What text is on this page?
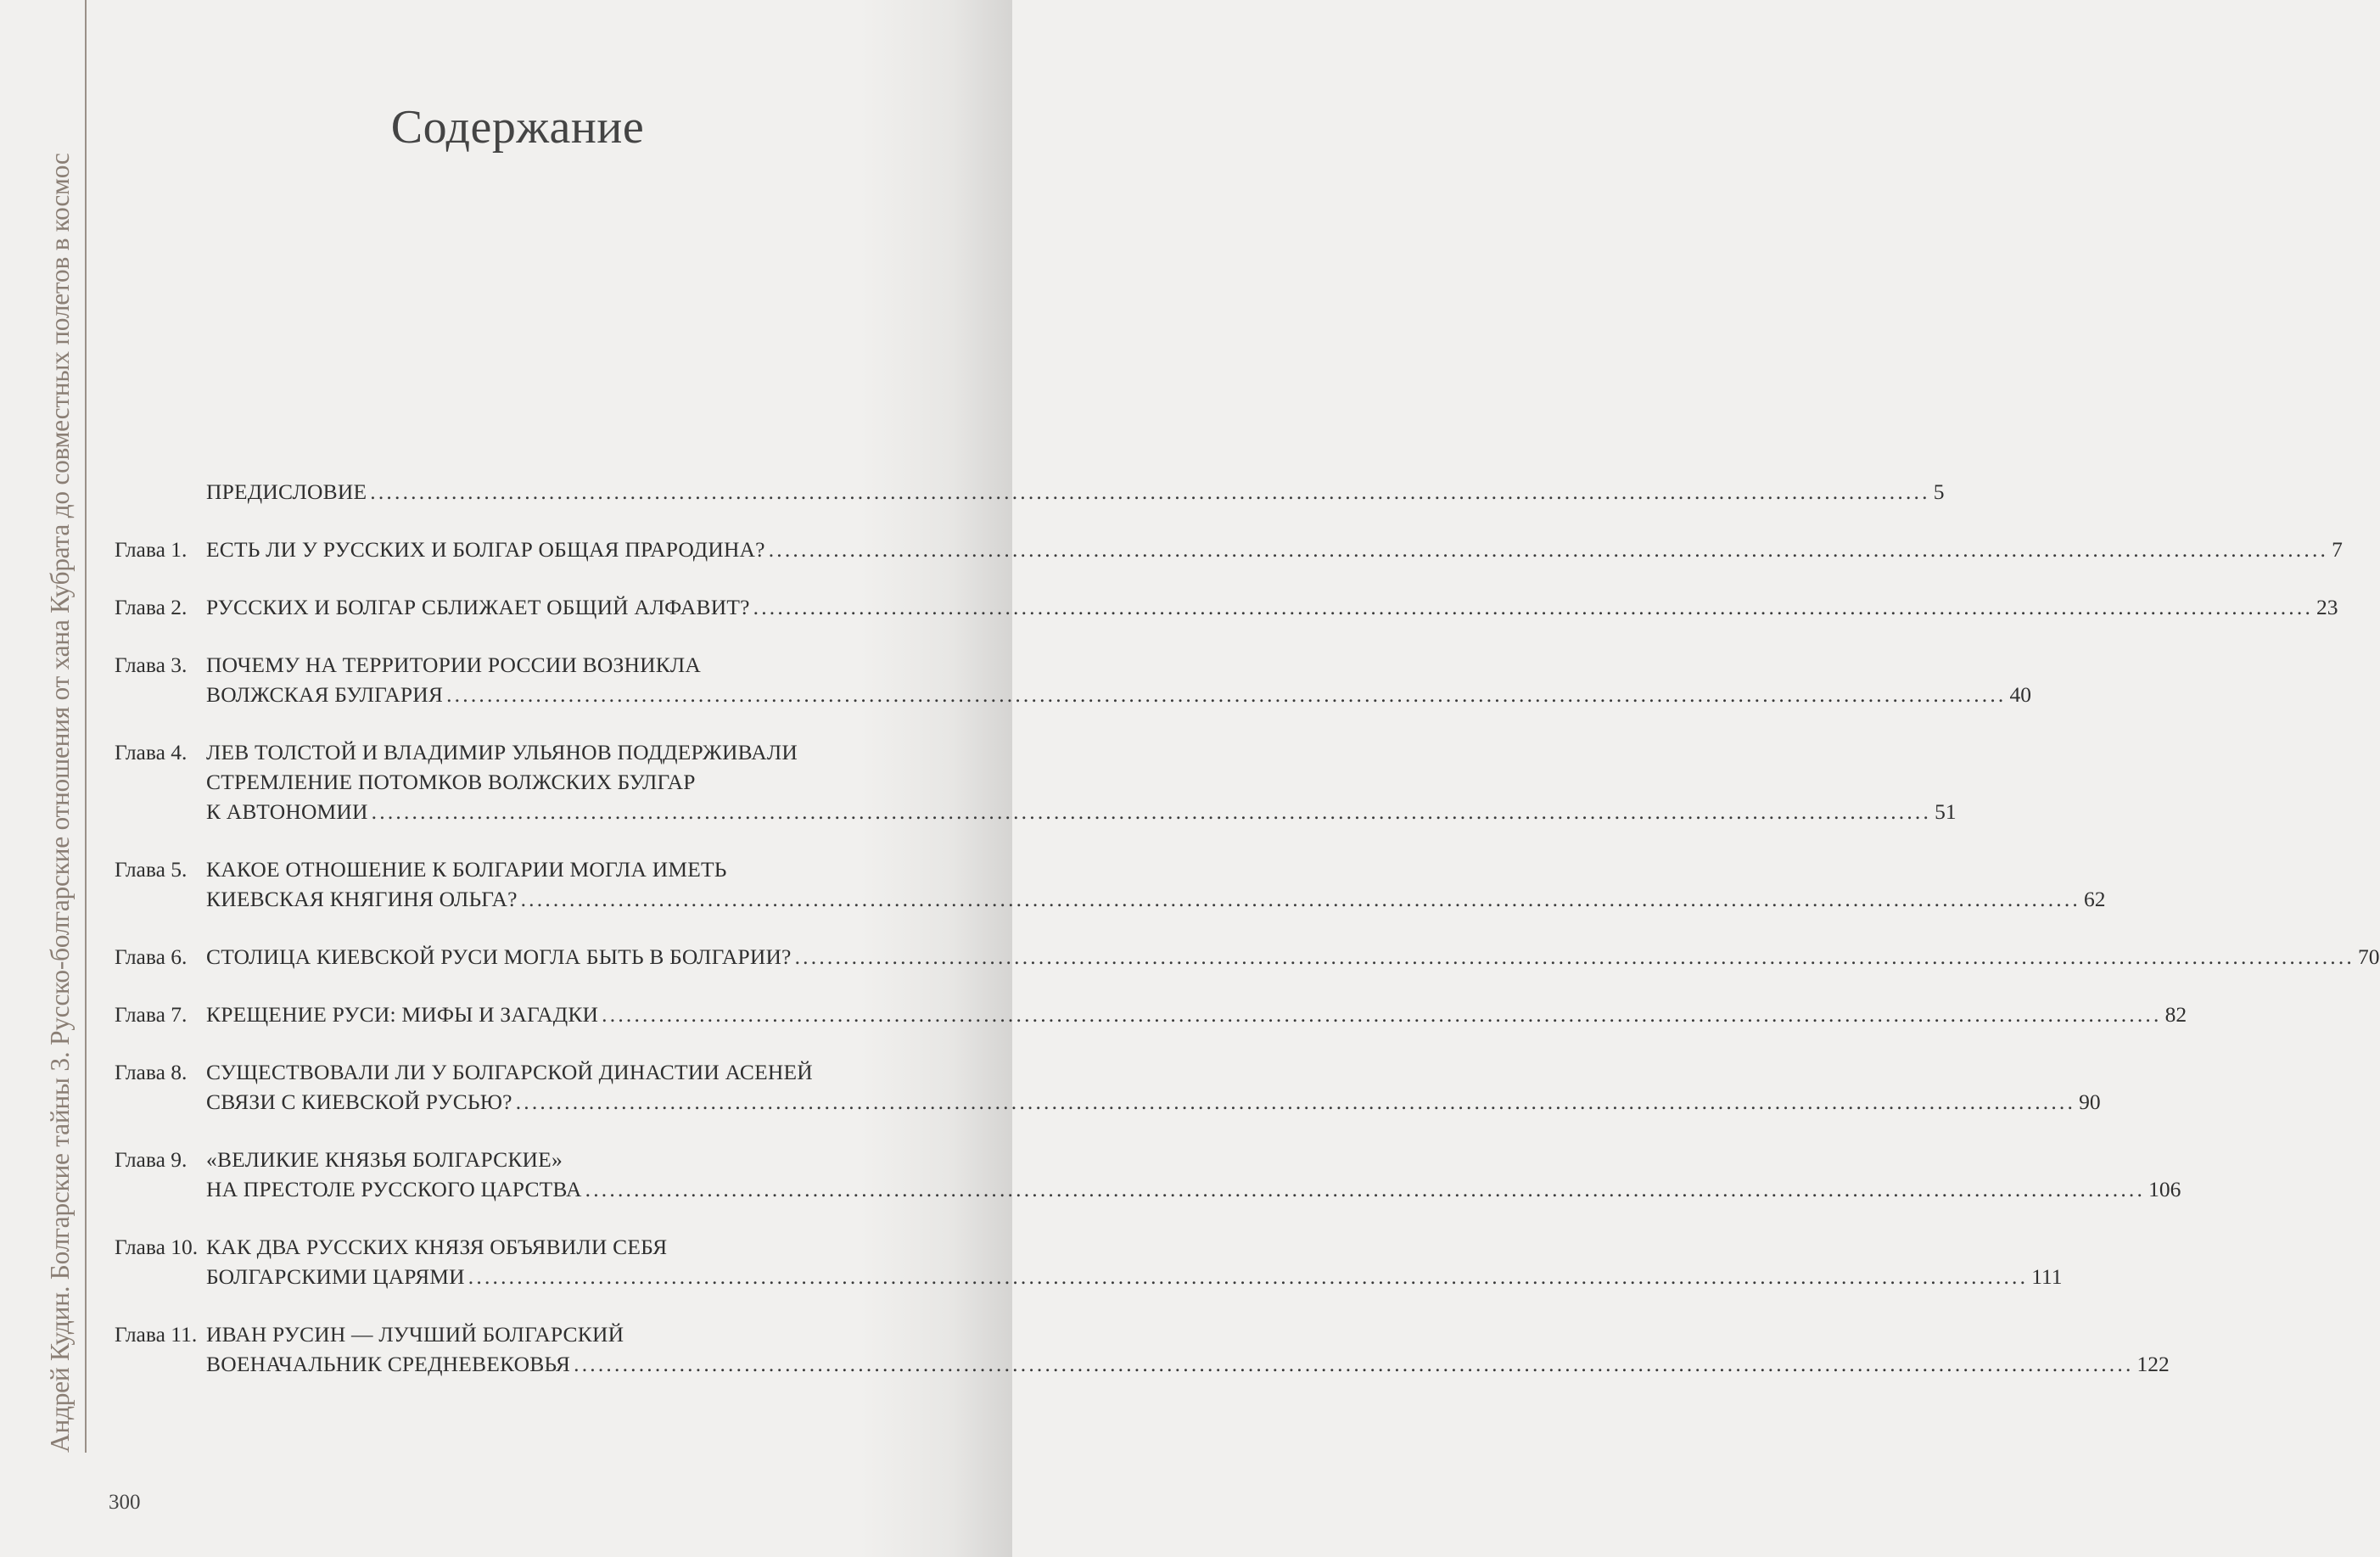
Андрей Кудин. Болгарские тайны 3. Русско-болгарские отношения от хана Кубрата до совместных полетов в космос
Содержание
ПРЕДИСЛОВИЕ .....	5
Глава 1. ЕСТЬ ЛИ У РУССКИХ И БОЛГАР ОБЩАЯ ПРАРОДИНА? .....	7
Глава 2. РУССКИХ И БОЛГАР СБЛИЖАЕТ ОБЩИЙ АЛФАВИТ? .....	23
Глава 3. ПОЧЕМУ НА ТЕРРИТОРИИ РОССИИ ВОЗНИКЛА
ВОЛЖСКАЯ БУЛГАРИЯ .....	40
Глава 4. ЛЕВ ТОЛСТОЙ И ВЛАДИМИР УЛЬЯНОВ ПОДДЕРЖИВАЛИ
СТРЕМЛЕНИЕ ПОТОМКОВ ВОЛЖСКИХ БУЛГАР
К АВТОНОМИИ .....	51
Глава 5. КАКОЕ ОТНОШЕНИЕ К БОЛГАРИИ МОГЛА ИМЕТЬ
КИЕВСКАЯ КНЯГИНЯ ОЛЬГА? .....	62
Глава 6. СТОЛИЦА КИЕВСКОЙ РУСИ МОГЛА БЫТЬ В БОЛГАРИИ? .....	70
Глава 7. КРЕЩЕНИЕ РУСИ: МИФЫ И ЗАГАДКИ .....	82
Глава 8. СУЩЕСТВОВАЛИ ЛИ У БОЛГАРСКОЙ ДИНАСТИИ АСЕНЕЙ
СВЯЗИ С КИЕВСКОЙ РУСЬЮ? .....	90
Глава 9. «ВЕЛИКИЕ КНЯЗЬЯ БОЛГАРСКИЕ»
НА ПРЕСТОЛЕ РУССКОГО ЦАРСТВА .....	106
Глава 10. КАК ДВА РУССКИХ КНЯЗЯ ОБЪЯВИЛИ СЕБЯ
БОЛГАРСКИМИ ЦАРЯМИ .....	111
Глава 11. ИВАН РУСИН — ЛУЧШИЙ БОЛГАРСКИЙ
ВОЕНАЧАЛЬНИК СРЕДНЕВЕКОВЬЯ .....	122
300
